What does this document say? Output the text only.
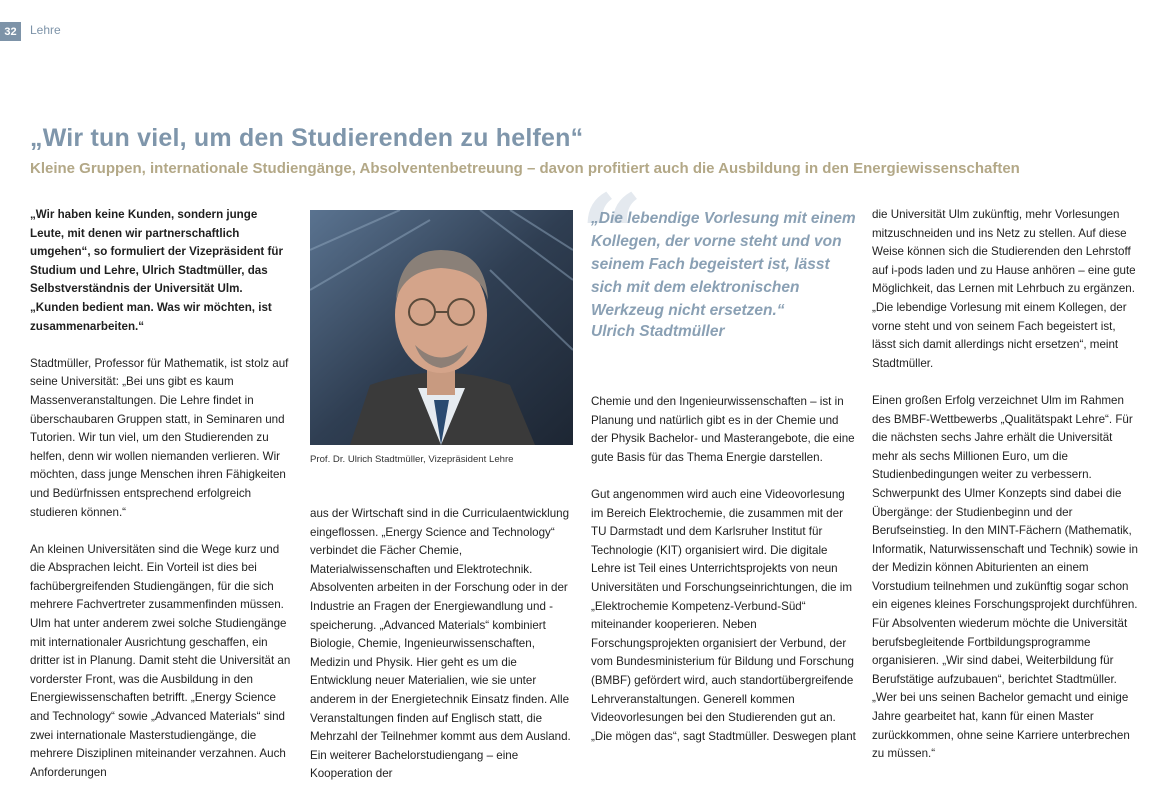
32	Lehre
„Wir tun viel, um den Studierenden zu helfen“
Kleine Gruppen, internationale Studiengänge, Absolventenbetreuung – davon profitiert auch die Ausbildung in den Energiewissenschaften

„Wir haben keine Kunden, sondern junge Leute, mit denen wir partnerschaftlich umgehen“, so formuliert der Vizepräsident für Studium und Lehre, Ulrich Stadtmüller, das Selbstverständnis der Universität Ulm. „Kunden bedient man. Was wir möchten, ist zusammenarbeiten.“

Stadtmüller, Professor für Mathematik, ist stolz auf seine Universität: „Bei uns gibt es kaum Massenveranstaltungen. Die Lehre findet in überschaubaren Gruppen statt, in Seminaren und Tutorien. Wir tun viel, um den Studierenden zu helfen, denn wir wollen niemanden verlieren. Wir möchten, dass junge Menschen ihren Fähigkeiten und Bedürfnissen entsprechend erfolgreich studieren können.“

An kleinen Universitäten sind die Wege kurz und die Absprachen leicht. Ein Vorteil ist dies bei fachübergreifenden Studiengängen, für die sich mehrere Fachvertreter zusammenfinden müssen. Ulm hat unter anderem zwei solche Studiengänge mit internationaler Ausrichtung geschaffen, ein dritter ist in Planung. Damit steht die Universität an vorderster Front, was die Ausbildung in den Energiewissenschaften betrifft. „Energy Science and Technology“ sowie „Advanced Materials“ sind zwei internationale Masterstudiengänge, die mehrere Disziplinen miteinander verzahnen. Auch Anforderungen

Prof. Dr. Ulrich Stadtmüller, Vizepräsident Lehre
“

„Die lebendige Vorlesung mit einem Kollegen, der vorne steht und von seinem Fach begeistert ist, lässt sich mit dem elektronischen Werkzeug nicht ersetzen.“

Ulrich Stadtmüller

aus der Wirtschaft sind in die Curriculaentwicklung eingeflossen. „Energy Science and Technology“ verbindet die Fächer Chemie, Materialwissenschaften und Elektrotechnik. Absolventen arbeiten in der Forschung oder in der Industrie an Fragen der Energiewandlung und -speicherung. „Advanced Materials“ kombiniert Biologie, Chemie, Ingenieurwissenschaften, Medizin und Physik. Hier geht es um die Entwicklung neuer Materialien, wie sie unter anderem in der Energietechnik Einsatz finden. Alle Veranstaltungen finden auf Englisch statt, die Mehrzahl der Teilnehmer kommt aus dem Ausland. Ein weiterer Bachelorstudiengang – eine Kooperation der

Chemie und den Ingenieurwissenschaften – ist in Planung und natürlich gibt es in der Chemie und der Physik Bachelor- und Masterangebote, die eine gute Basis für das Thema Energie darstellen.

Gut angenommen wird auch eine Videovorlesung im Bereich Elektrochemie, die zusammen mit der TU Darmstadt und dem Karlsruher Institut für Technologie (KIT) organisiert wird. Die digitale Lehre ist Teil eines Unterrichtsprojekts von neun Universitäten und Forschungseinrichtungen, die im „Elektrochemie Kompetenz-Verbund-Süd“ miteinander kooperieren. Neben Forschungsprojekten organisiert der Verbund, der vom Bundesministerium für Bildung und Forschung (BMBF) gefördert wird, auch standortübergreifende Lehrveranstaltungen. Generell kommen Videovorlesungen bei den Studierenden gut an. „Die mögen das“, sagt Stadtmüller. Deswegen plant

die Universität Ulm zukünftig, mehr Vorlesungen mitzuschneiden und ins Netz zu stellen. Auf diese Weise können sich die Studierenden den Lehrstoff auf i-pods laden und zu Hause anhören – eine gute Möglichkeit, das Lernen mit Lehrbuch zu ergänzen. „Die lebendige Vorlesung mit einem Kollegen, der vorne steht und von seinem Fach begeistert ist, lässt sich damit allerdings nicht ersetzen“, meint Stadtmüller.

Einen großen Erfolg verzeichnet Ulm im Rahmen des BMBF-Wettbewerbs „Qualitätspakt Lehre“. Für die nächsten sechs Jahre erhält die Universität mehr als sechs Millionen Euro, um die Studienbedingungen weiter zu verbessern. Schwerpunkt des Ulmer Konzepts sind dabei die Übergänge: der Studienbeginn und der Berufseinstieg. In den MINT-Fächern (Mathematik, Informatik, Naturwissenschaft und Technik) sowie in der Medizin können Abiturienten an einem Vorstudium teilnehmen und zukünftig sogar schon ein eigenes kleines Forschungsprojekt durchführen. Für Absolventen wiederum möchte die Universität berufsbegleitende Fortbildungsprogramme organisieren. „Wir sind dabei, Weiterbildung für Berufstätige aufzubauen“, berichtet Stadtmüller. „Wer bei uns seinen Bachelor gemacht und einige Jahre gearbeitet hat, kann für einen Master zurückkommen, ohne seine Karriere unterbrechen zu müssen.“
